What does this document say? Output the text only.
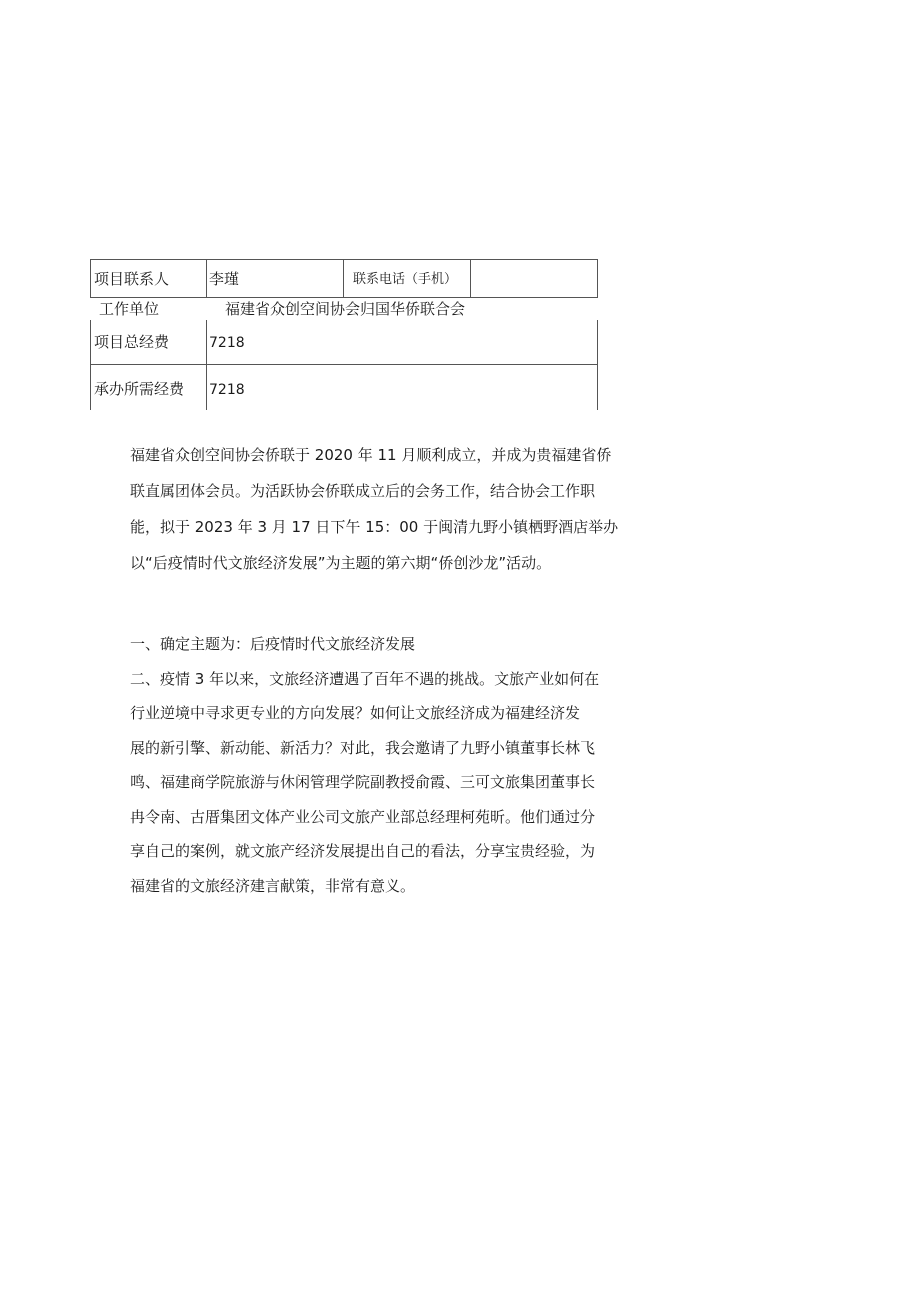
项目联系人	李瑾	联系电话（手机）
工作单位	福建省众创空间协会归国华侨联合会
项目总经费	7218
承办所需经费 7218
福建省众创空间协会侨联于 2020 年 11 月顺利成立，并成为贵福建省侨
联直属团体会员。为活跃协会侨联成立后的会务工作，结合协会工作职
能，拟于 2023 年 3 月 17 日下午 15：00 于闽清九野小镇栖野酒店举办
以“后疫情时代文旅经济发展”为主题的第六期“侨创沙龙”活动。
一、确定主题为：后疫情时代文旅经济发展
二、疫情 3 年以来，文旅经济遭遇了百年不遇的挑战。文旅产业如何在
行业逆境中寻求更专业的方向发展？如何让文旅经济成为福建经济发
展的新引擎、新动能、新活力？对此，我会邀请了九野小镇董事长林飞
鸣、福建商学院旅游与休闲管理学院副教授俞霞、三可文旅集团董事长
冉令南、古厝集团文体产业公司文旅产业部总经理柯苑昕。他们通过分
享自己的案例，就文旅产经济发展提出自己的看法，分享宝贵经验，为
福建省的文旅经济建言献策，非常有意义。
